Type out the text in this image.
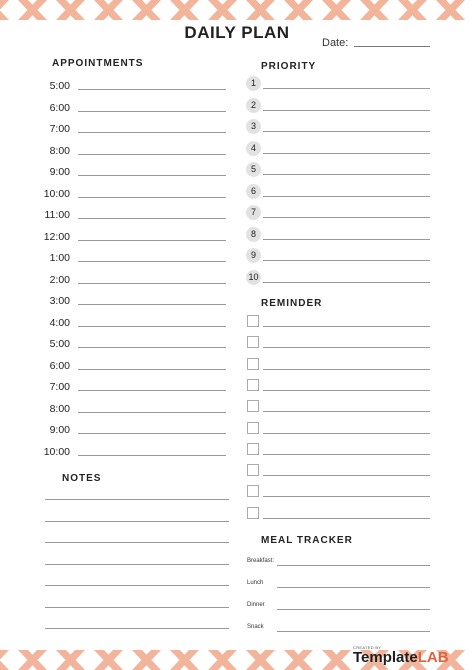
DAILY PLAN
Date:
APPOINTMENTS
5:00
6:00
7:00
8:00
9:00
10:00
11:00
12:00
1:00
2:00
3:00
4:00
5:00
6:00
7:00
8:00
9:00
10:00
PRIORITY
1
2
3
4
5
6
7
8
9
10
REMINDER
NOTES
MEAL TRACKER
Breakfast:
Lunch
Dinner
Snack
CREATED BY
TemplateLAB
